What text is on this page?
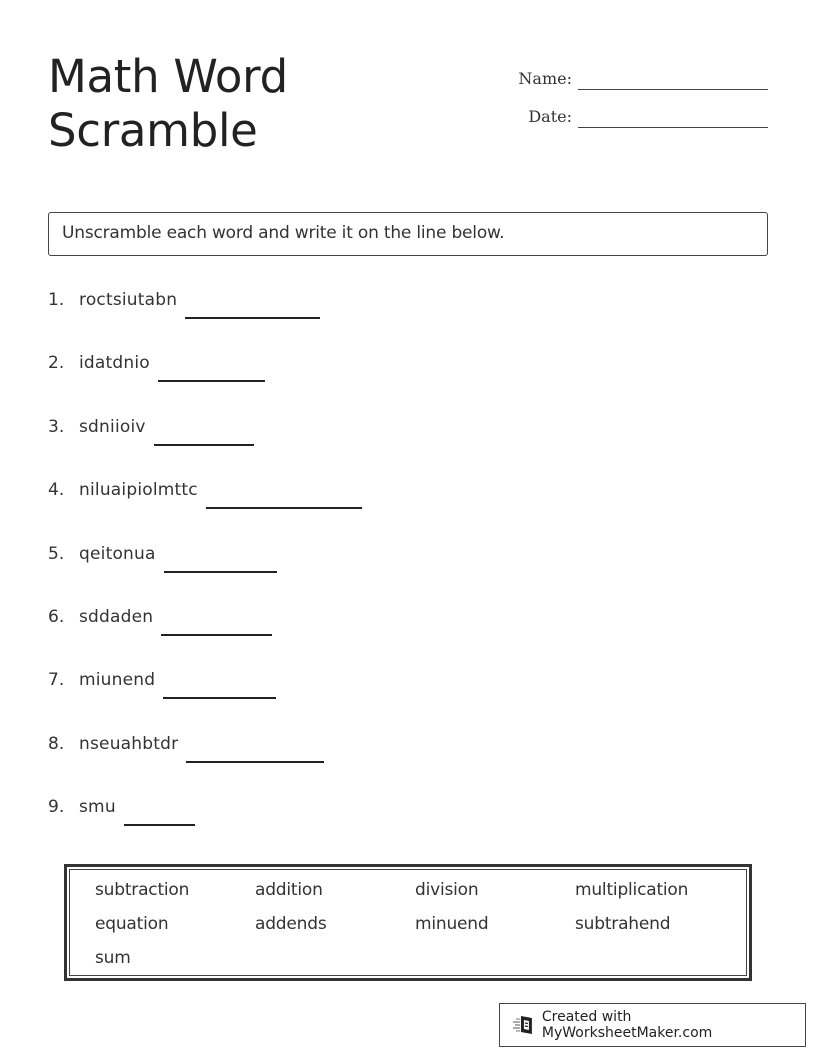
Math Word
Scramble
Name:
Date:
Unscramble each word and write it on the line below.
1. roctsiutabn
2. idatdnio
3. sdniioiv
4. niluaipiolmttc
5. qeitonua
6. sddaden
7. miunend
8. nseuahbtdr
9. smu
subtraction	addition	division	multiplication
equation	addends	minuend	subtrahend
sum
Created with MyWorksheetMaker.com
